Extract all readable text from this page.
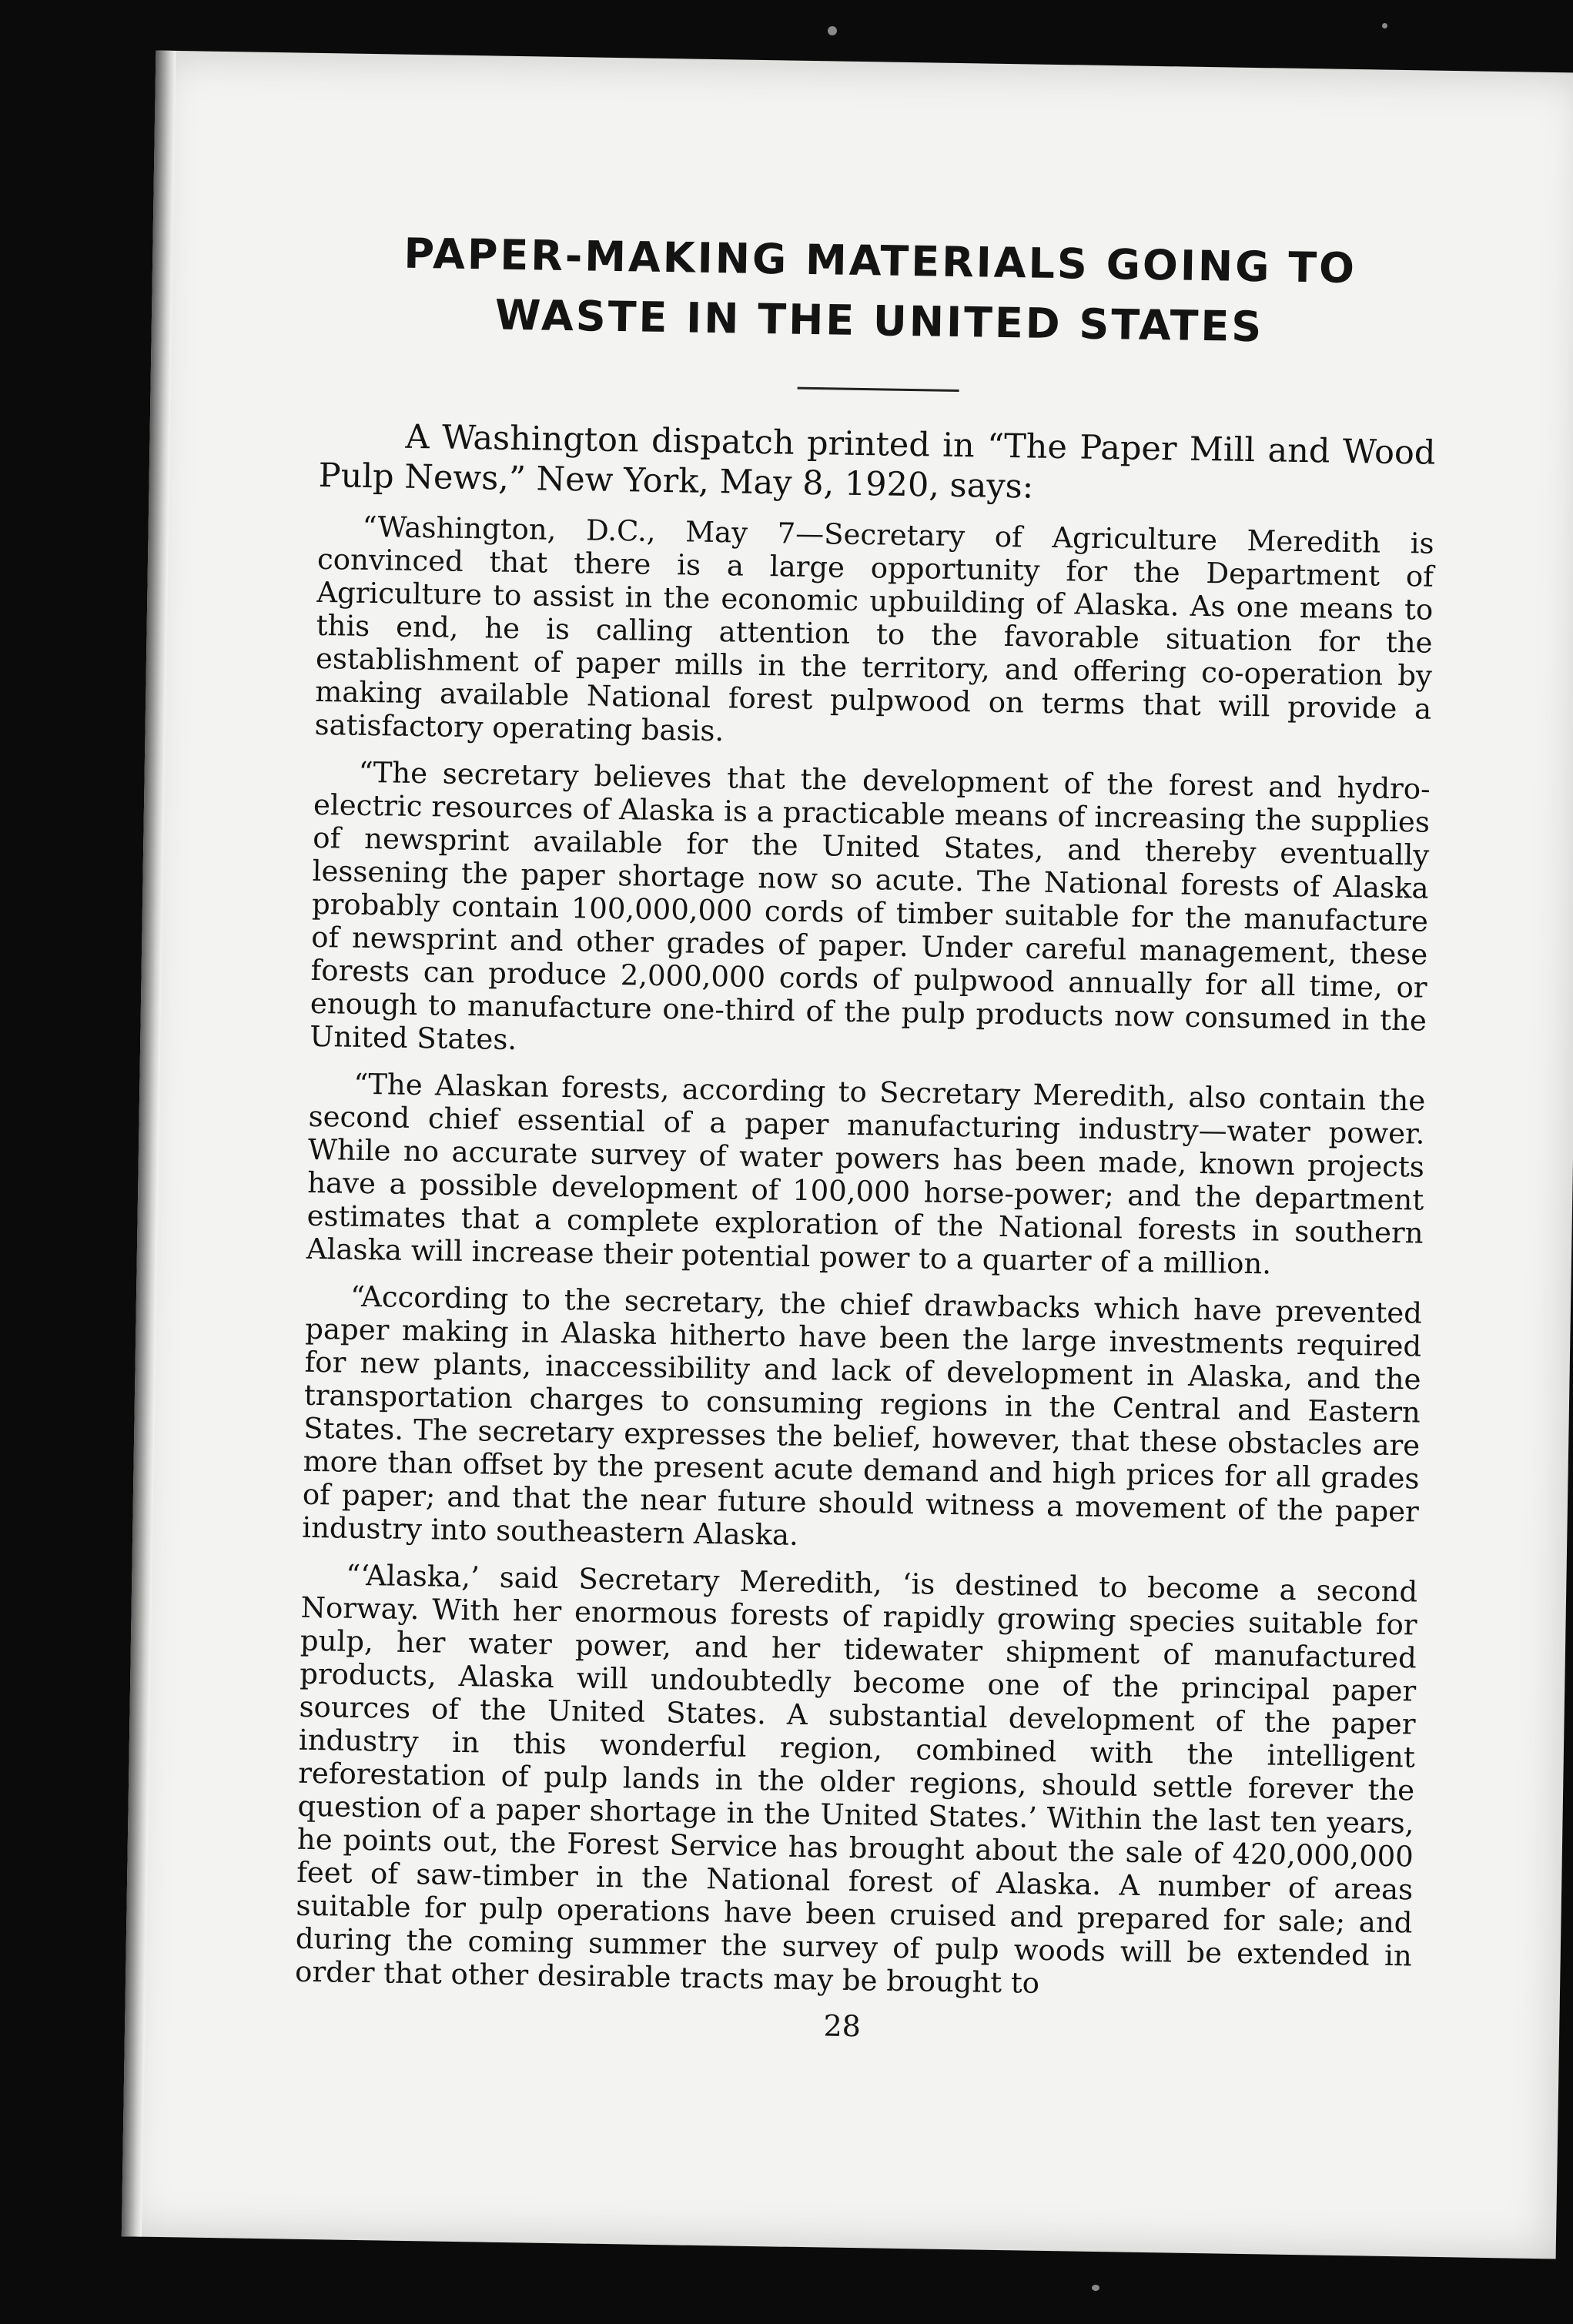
PAPER-MAKING MATERIALS GOING TO
WASTE IN THE UNITED STATES

A Washington dispatch printed in “The Paper Mill and Wood Pulp News,” New York, May 8, 1920, says:

“Washington, D.C., May 7—Secretary of Agriculture Meredith is convinced that there is a large opportunity for the Department of Agriculture to assist in the economic upbuilding of Alaska. As one means to this end, he is calling attention to the favorable situation for the establishment of paper mills in the territory, and offering co-operation by making available National forest pulpwood on terms that will provide a satisfactory operating basis.

“The secretary believes that the development of the forest and hydro-electric resources of Alaska is a practicable means of increasing the supplies of newsprint available for the United States, and thereby eventually lessening the paper shortage now so acute. The National forests of Alaska probably contain 100,000,000 cords of timber suitable for the manufacture of newsprint and other grades of paper. Under careful management, these forests can produce 2,000,000 cords of pulpwood annually for all time, or enough to manufacture one-third of the pulp products now consumed in the United States.

“The Alaskan forests, according to Secretary Meredith, also contain the second chief essential of a paper manufacturing industry—water power. While no accurate survey of water powers has been made, known projects have a possible development of 100,000 horse-power; and the department estimates that a complete exploration of the National forests in southern Alaska will increase their potential power to a quarter of a million.

“According to the secretary, the chief drawbacks which have prevented paper making in Alaska hitherto have been the large investments required for new plants, inaccessibility and lack of development in Alaska, and the transportation charges to consuming regions in the Central and Eastern States. The secretary expresses the belief, however, that these obstacles are more than offset by the present acute demand and high prices for all grades of paper; and that the near future should witness a movement of the paper industry into southeastern Alaska.

“‘Alaska,’ said Secretary Meredith, ‘is destined to become a second Norway. With her enormous forests of rapidly growing species suitable for pulp, her water power, and her tidewater shipment of manufactured products, Alaska will undoubtedly become one of the principal paper sources of the United States. A substantial development of the paper industry in this wonderful region, combined with the intelligent reforestation of pulp lands in the older regions, should settle forever the question of a paper shortage in the United States.’ Within the last ten years, he points out, the Forest Service has brought about the sale of 420,000,000 feet of saw-timber in the National forest of Alaska. A number of areas suitable for pulp operations have been cruised and prepared for sale; and during the coming summer the survey of pulp woods will be extended in order that other desirable tracts may be brought to

28
